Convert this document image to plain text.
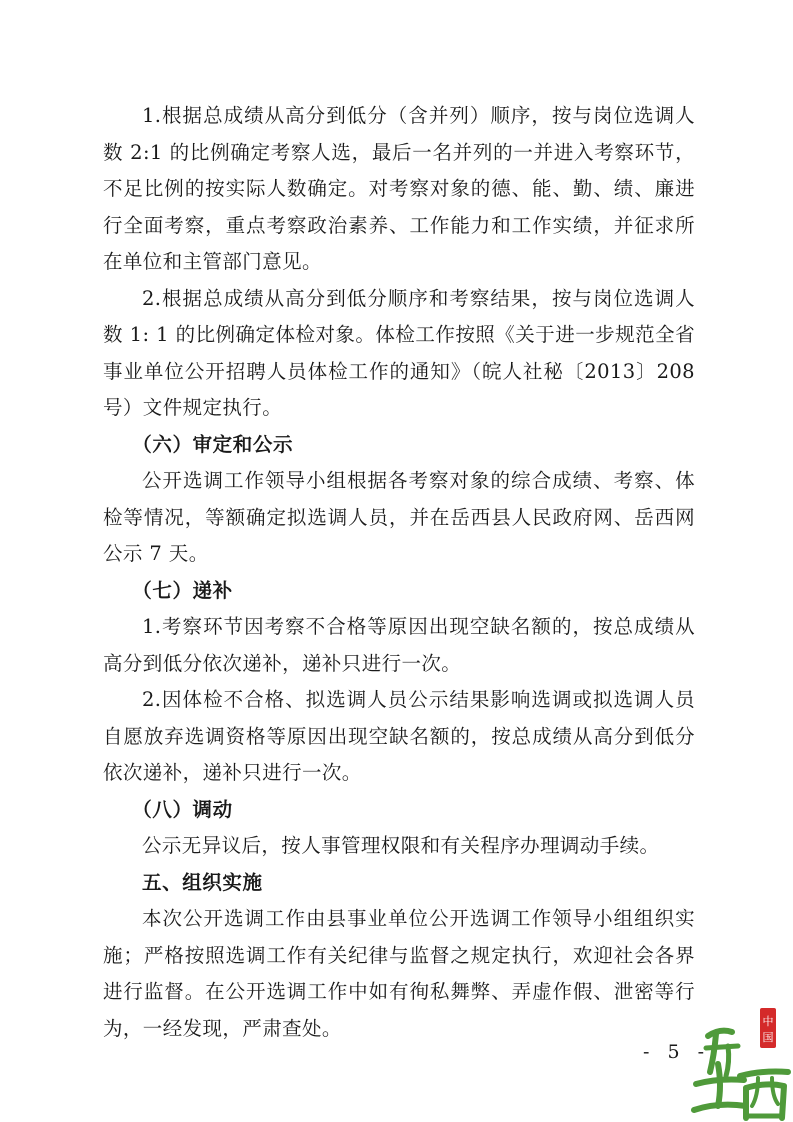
1.根据总成绩从高分到低分（含并列）顺序，按与岗位选调人数 2:1 的比例确定考察人选，最后一名并列的一并进入考察环节，不足比例的按实际人数确定。对考察对象的德、能、勤、绩、廉进行全面考察，重点考察政治素养、工作能力和工作实绩，并征求所在单位和主管部门意见。

2.根据总成绩从高分到低分顺序和考察结果，按与岗位选调人数 1: 1 的比例确定体检对象。体检工作按照《关于进一步规范全省事业单位公开招聘人员体检工作的通知》（皖人社秘〔2013〕208 号）文件规定执行。

（六）审定和公示

公开选调工作领导小组根据各考察对象的综合成绩、考察、体检等情况，等额确定拟选调人员，并在岳西县人民政府网、岳西网公示 7 天。

（七）递补

1.考察环节因考察不合格等原因出现空缺名额的，按总成绩从高分到低分依次递补，递补只进行一次。

2.因体检不合格、拟选调人员公示结果影响选调或拟选调人员自愿放弃选调资格等原因出现空缺名额的，按总成绩从高分到低分依次递补，递补只进行一次。

（八）调动

公示无异议后，按人事管理权限和有关程序办理调动手续。

五、组织实施

本次公开选调工作由县事业单位公开选调工作领导小组组织实施；严格按照选调工作有关纪律与监督之规定执行，欢迎社会各界进行监督。在公开选调工作中如有徇私舞弊、弄虚作假、泄密等行为，一经发现，严肃查处。

- 5 -
中
国
